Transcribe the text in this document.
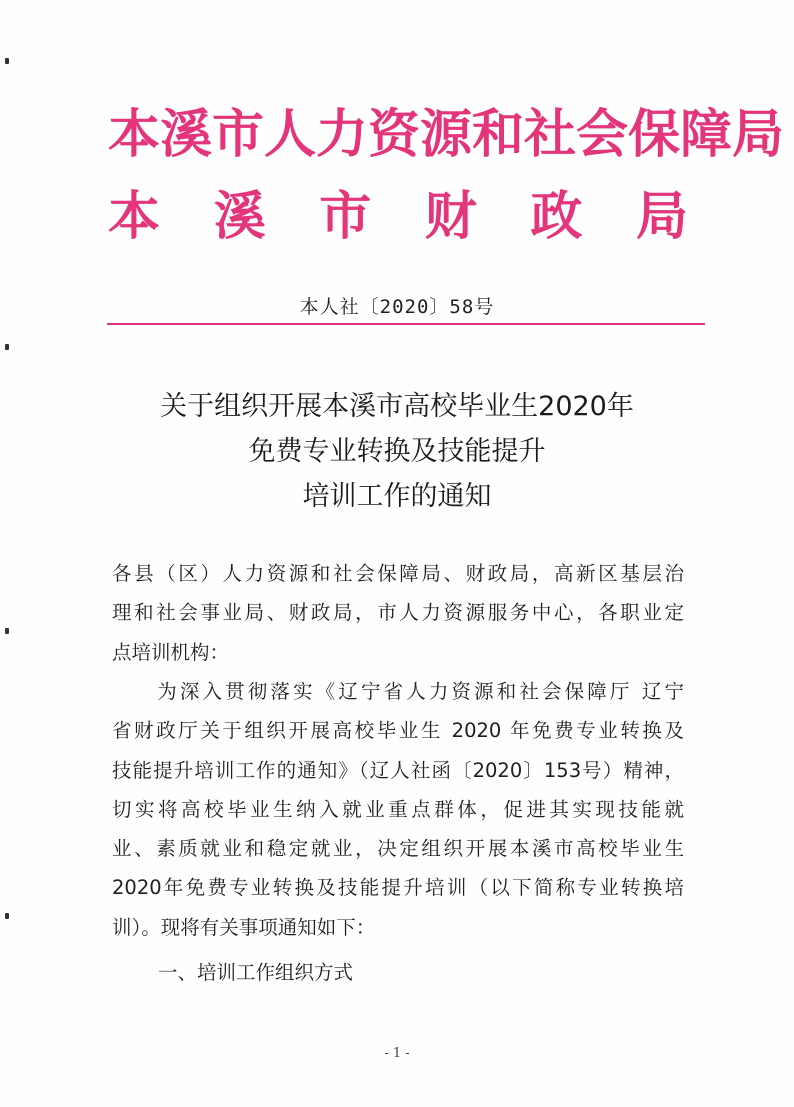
本溪市人力资源和社会保障局
本 溪 市 财 政 局
本人社〔2020〕58号
关于组织开展本溪市高校毕业生2020年
免费专业转换及技能提升
培训工作的通知
各县（区）人力资源和社会保障局、财政局，高新区基层治
理和社会事业局、财政局，市人力资源服务中心，各职业定
点培训机构：
　　为深入贯彻落实《辽宁省人力资源和社会保障厅 辽宁
省财政厅关于组织开展高校毕业生 2020 年免费专业转换及
技能提升培训工作的通知》（辽人社函〔2020〕153号）精神，
切实将高校毕业生纳入就业重点群体，促进其实现技能就
业、素质就业和稳定就业，决定组织开展本溪市高校毕业生
2020年免费专业转换及技能提升培训（以下简称专业转换培
训）。现将有关事项通知如下：
一、培训工作组织方式
- 1 -
